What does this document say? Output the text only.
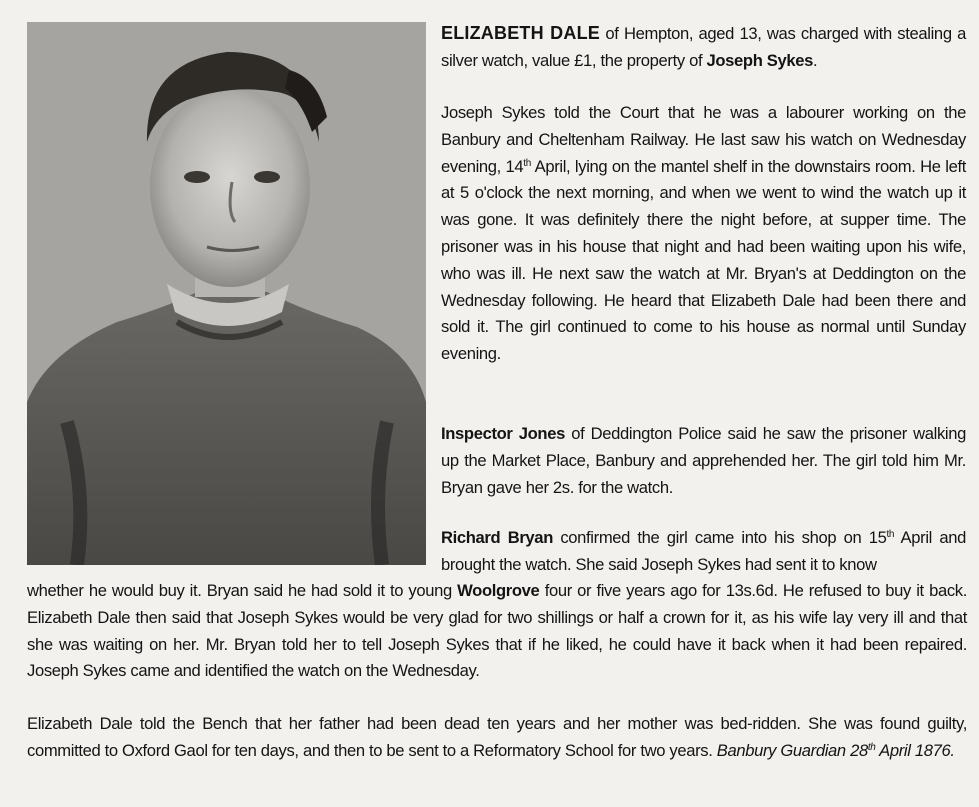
ELIZABETH DALE of Hempton, aged 13, was charged with stealing a silver watch, value £1, the property of Joseph Sykes.

Joseph Sykes told the Court that he was a labourer working on the Banbury and Cheltenham Railway. He last saw his watch on Wednesday evening, 14th April, lying on the mantel shelf in the downstairs room. He left at 5 o'clock the next morning, and when we went to wind the watch up it was gone. It was definitely there the night before, at supper time. The prisoner was in his house that night and had been waiting upon his wife, who was ill. He next saw the watch at Mr. Bryan's at Deddington on the Wednesday following. He heard that Elizabeth Dale had been there and sold it. The girl continued to come to his house as normal until Sunday evening.

Inspector Jones of Deddington Police said he saw the prisoner walking up the Market Place, Banbury and apprehended her. The girl told him Mr. Bryan gave her 2s. for the watch.

Richard Bryan confirmed the girl came into his shop on 15th April and brought the watch. She said Joseph Sykes had sent it to know

whether he would buy it. Bryan said he had sold it to young Woolgrove four or five years ago for 13s.6d. He refused to buy it back. Elizabeth Dale then said that Joseph Sykes would be very glad for two shillings or half a crown for it, as his wife lay very ill and that she was waiting on her. Mr. Bryan told her to tell Joseph Sykes that if he liked, he could have it back when it had been repaired. Joseph Sykes came and identified the watch on the Wednesday.

Elizabeth Dale told the Bench that her father had been dead ten years and her mother was bed-ridden. She was found guilty, committed to Oxford Gaol for ten days, and then to be sent to a Reformatory School for two years. Banbury Guardian 28th April 1876.
